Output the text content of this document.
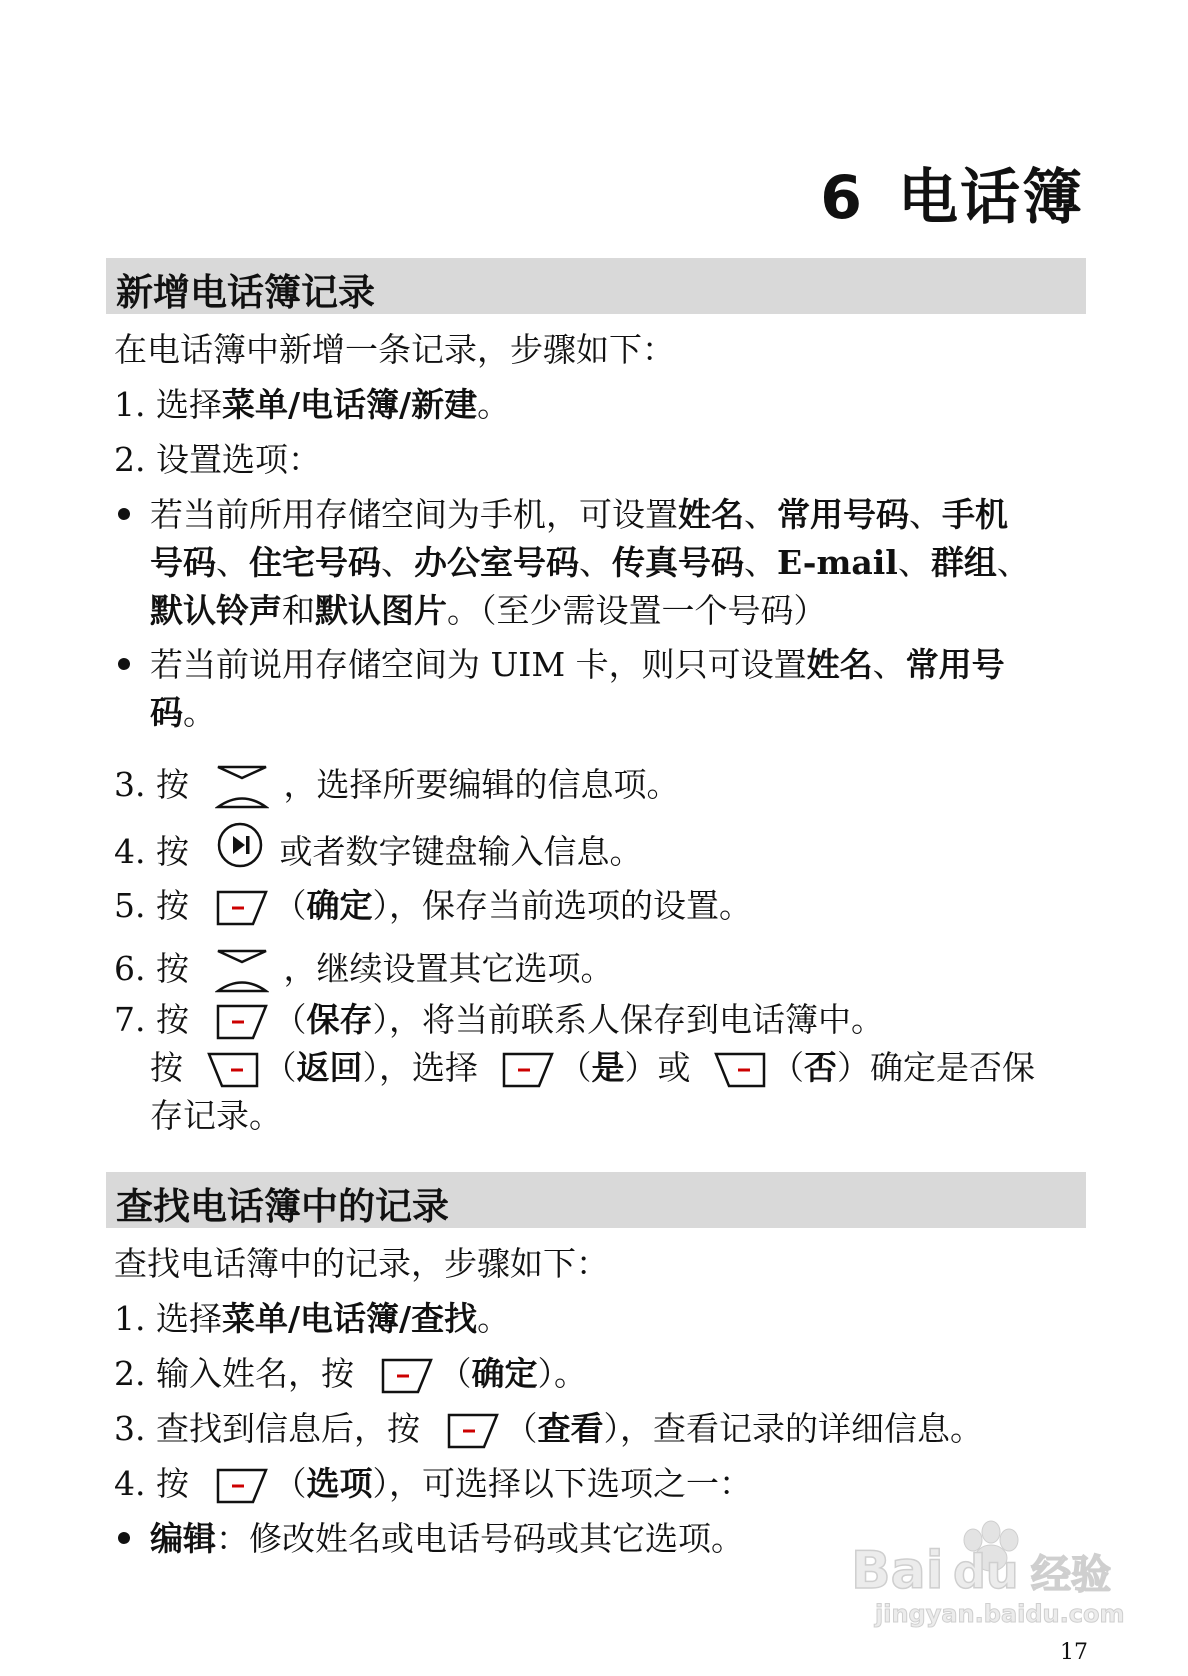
6 电话簿
新增电话簿记录
在电话簿中新增一条记录，步骤如下：
1. 选择菜单/电话簿/新建。
2. 设置选项：
若当前所用存储空间为手机，可设置姓名、常用号码、手机
号码、住宅号码、办公室号码、传真号码、E-mail、群组、
默认铃声和默认图片。（至少需设置一个号码）
若当前说用存储空间为 UIM 卡，则只可设置姓名、常用号
码。
3. 按	，选择所要编辑的信息项。
4. 按	或者数字键盘输入信息。
5. 按	（确定），保存当前选项的设置。
6. 按	，继续设置其它选项。
7. 按	（保存），将当前联系人保存到电话簿中。
按 （返回），选择 （是）或 （否）确定是否保
存记录。
查找电话簿中的记录
查找电话簿中的记录，步骤如下：
1. 选择菜单/电话簿/查找。
2. 输入姓名，按	（确定）。
3. 查找到信息后，按	（查看），查看记录的详细信息。
4. 按	（选项），可选择以下选项之一：
编辑：修改姓名或电话号码或其它选项。
Bai du 经验
jingyan.baidu.com
17
